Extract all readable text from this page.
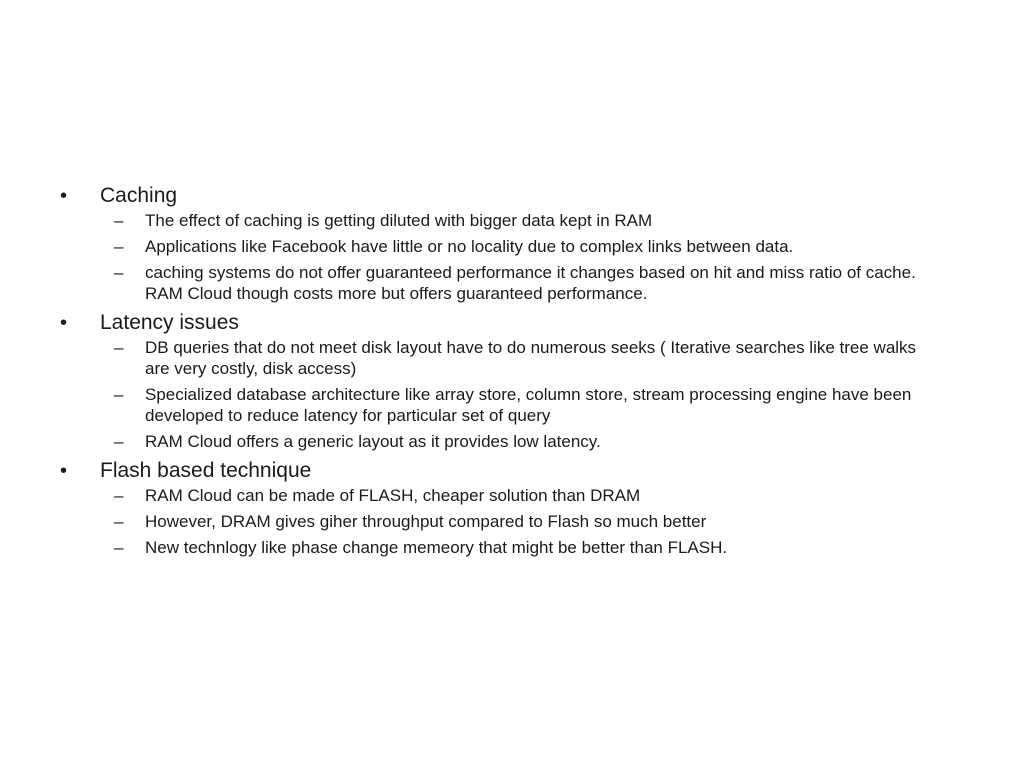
•	Caching
–	The effect of caching is getting diluted with bigger data kept in RAM
–	Applications like Facebook have little or no locality due to complex links between data.
–	caching systems do not offer guaranteed performance it changes based on hit and miss ratio of cache. RAM Cloud though costs more but offers guaranteed performance.
•	Latency issues
–	DB queries that do not meet disk layout have to do numerous seeks ( Iterative searches like tree walks are very costly, disk access)
–	Specialized database architecture like array store, column store, stream processing engine have been developed to reduce latency for particular set of query
–	RAM Cloud offers a generic layout as it provides low latency.
•	Flash based technique
–	RAM Cloud can be made of FLASH, cheaper solution than DRAM
–	However, DRAM gives giher throughput compared to Flash so much better
–	New technlogy like phase change memeory that might be better than FLASH.
